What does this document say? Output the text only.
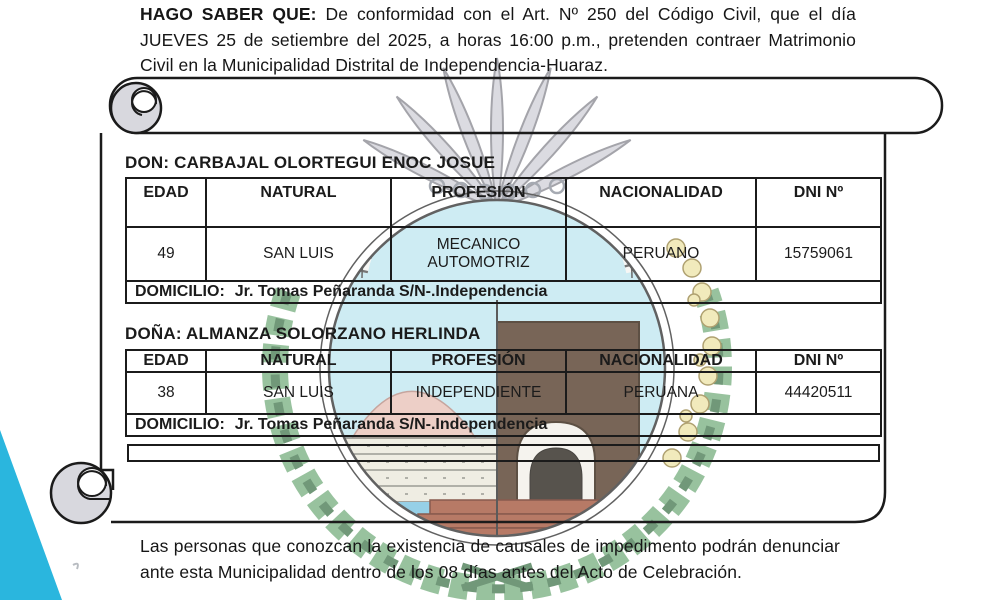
HAGO SABER QUE: De conformidad con el Art. Nº 250 del Código Civil, que el día JUEVES 25 de setiembre del 2025, a horas 16:00 p.m., pretenden contraer Matrimonio Civil en la Municipalidad Distrital de Independencia-Huaraz.
DON: CARBAJAL OLORTEGUI ENOC JOSUE
EDAD	NATURAL	PROFESIÓN	NACIONALIDAD	DNI Nº
49	SAN LUIS	MECANICO AUTOMOTRIZ	PERUANO	15759061
DOMICILIO: Jr. Tomas Peñaranda S/N-.Independencia				
DOÑA: ALMANZA SOLORZANO HERLINDA
EDAD	NATURAL	PROFESIÓN	NACIONALIDAD	DNI Nº
38	SAN LUIS	INDEPENDIENTE	PERUANA	44420511
DOMICILIO: Jr. Tomas Peñaranda S/N-.Independencia				
Las personas que conozcan la existencia de causales de impedimento podrán denunciar ante esta Municipalidad dentro de los 08 días antes del Acto de Celebración.
